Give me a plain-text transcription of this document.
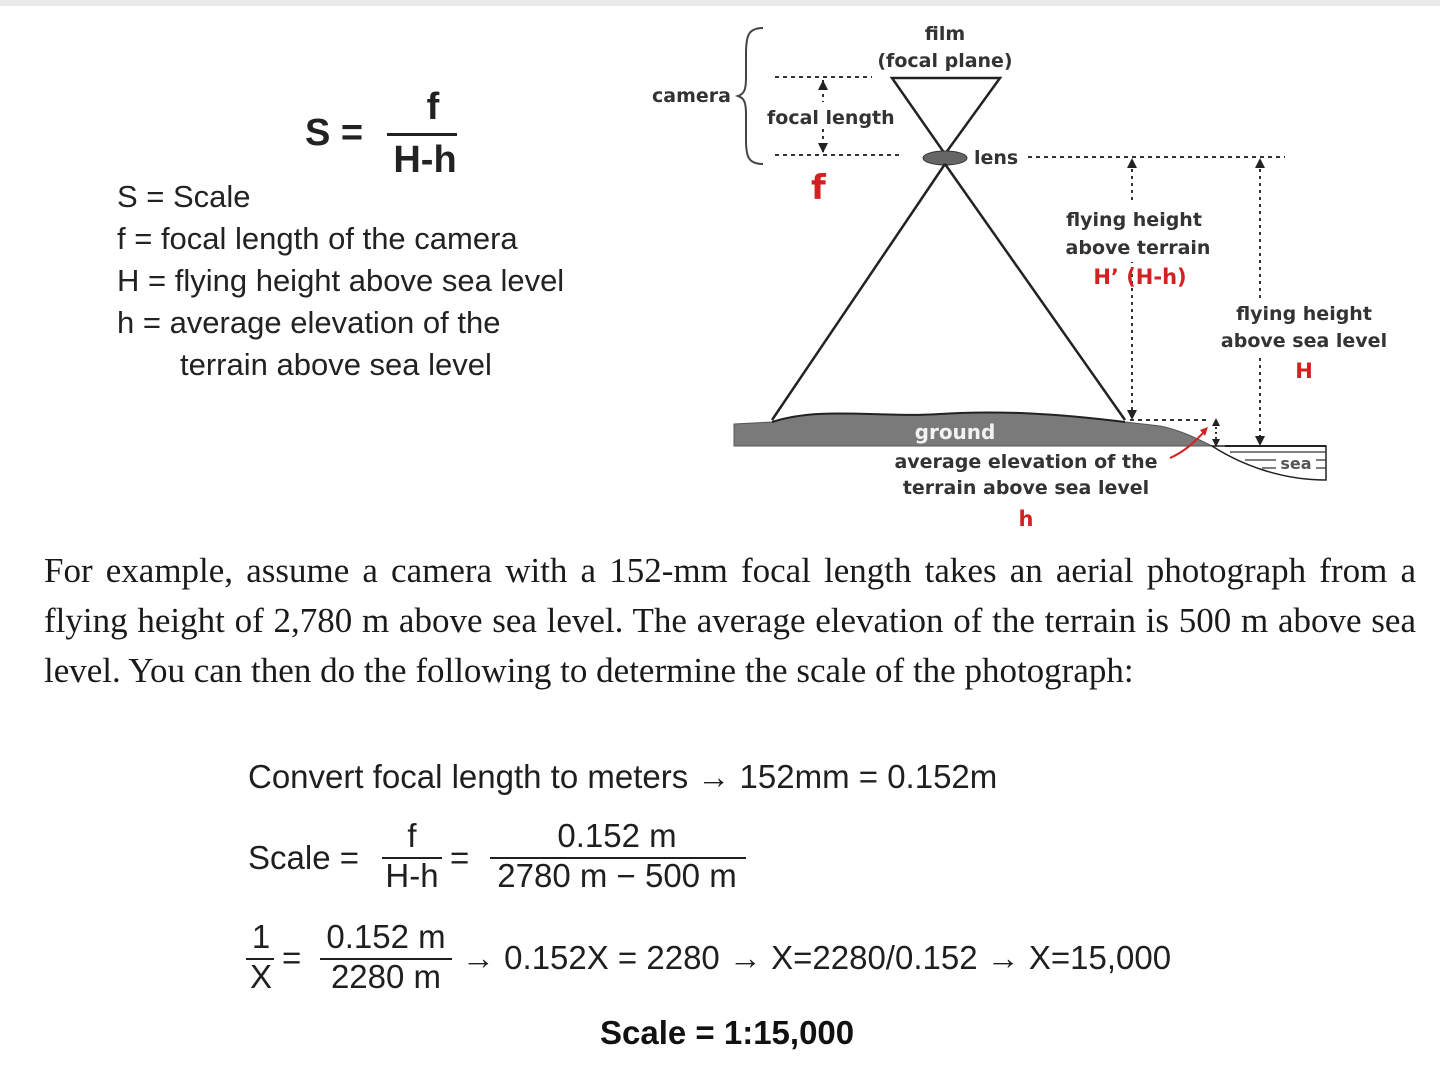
S =
f
H-h
S = Scale
f = focal length of the camera
H = flying height above sea level
h = average elevation of the
terrain above sea level
camera
focal length
f
film
(focal plane)
lens
ground
sea
flying height
above terrain
H’ (H-h)
flying height
above sea level
H
average elevation of the
terrain above sea level
h
For example, assume a camera with a 152-mm focal length takes an aerial photograph from a flying height of 2,780 m above sea level. The average elevation of the terrain is 500 m above sea level. You can then do the following to determine the scale of the photograph:
Convert focal length to meters → 152mm = 0.152m
Scale =
f
H-h =
0.152 m
2780 m − 500 m
1
X
=
0.152 m
2280 m
→ 0.152X = 2280 → X=2280/0.152 → X=15,000
Scale = 1:15,000
